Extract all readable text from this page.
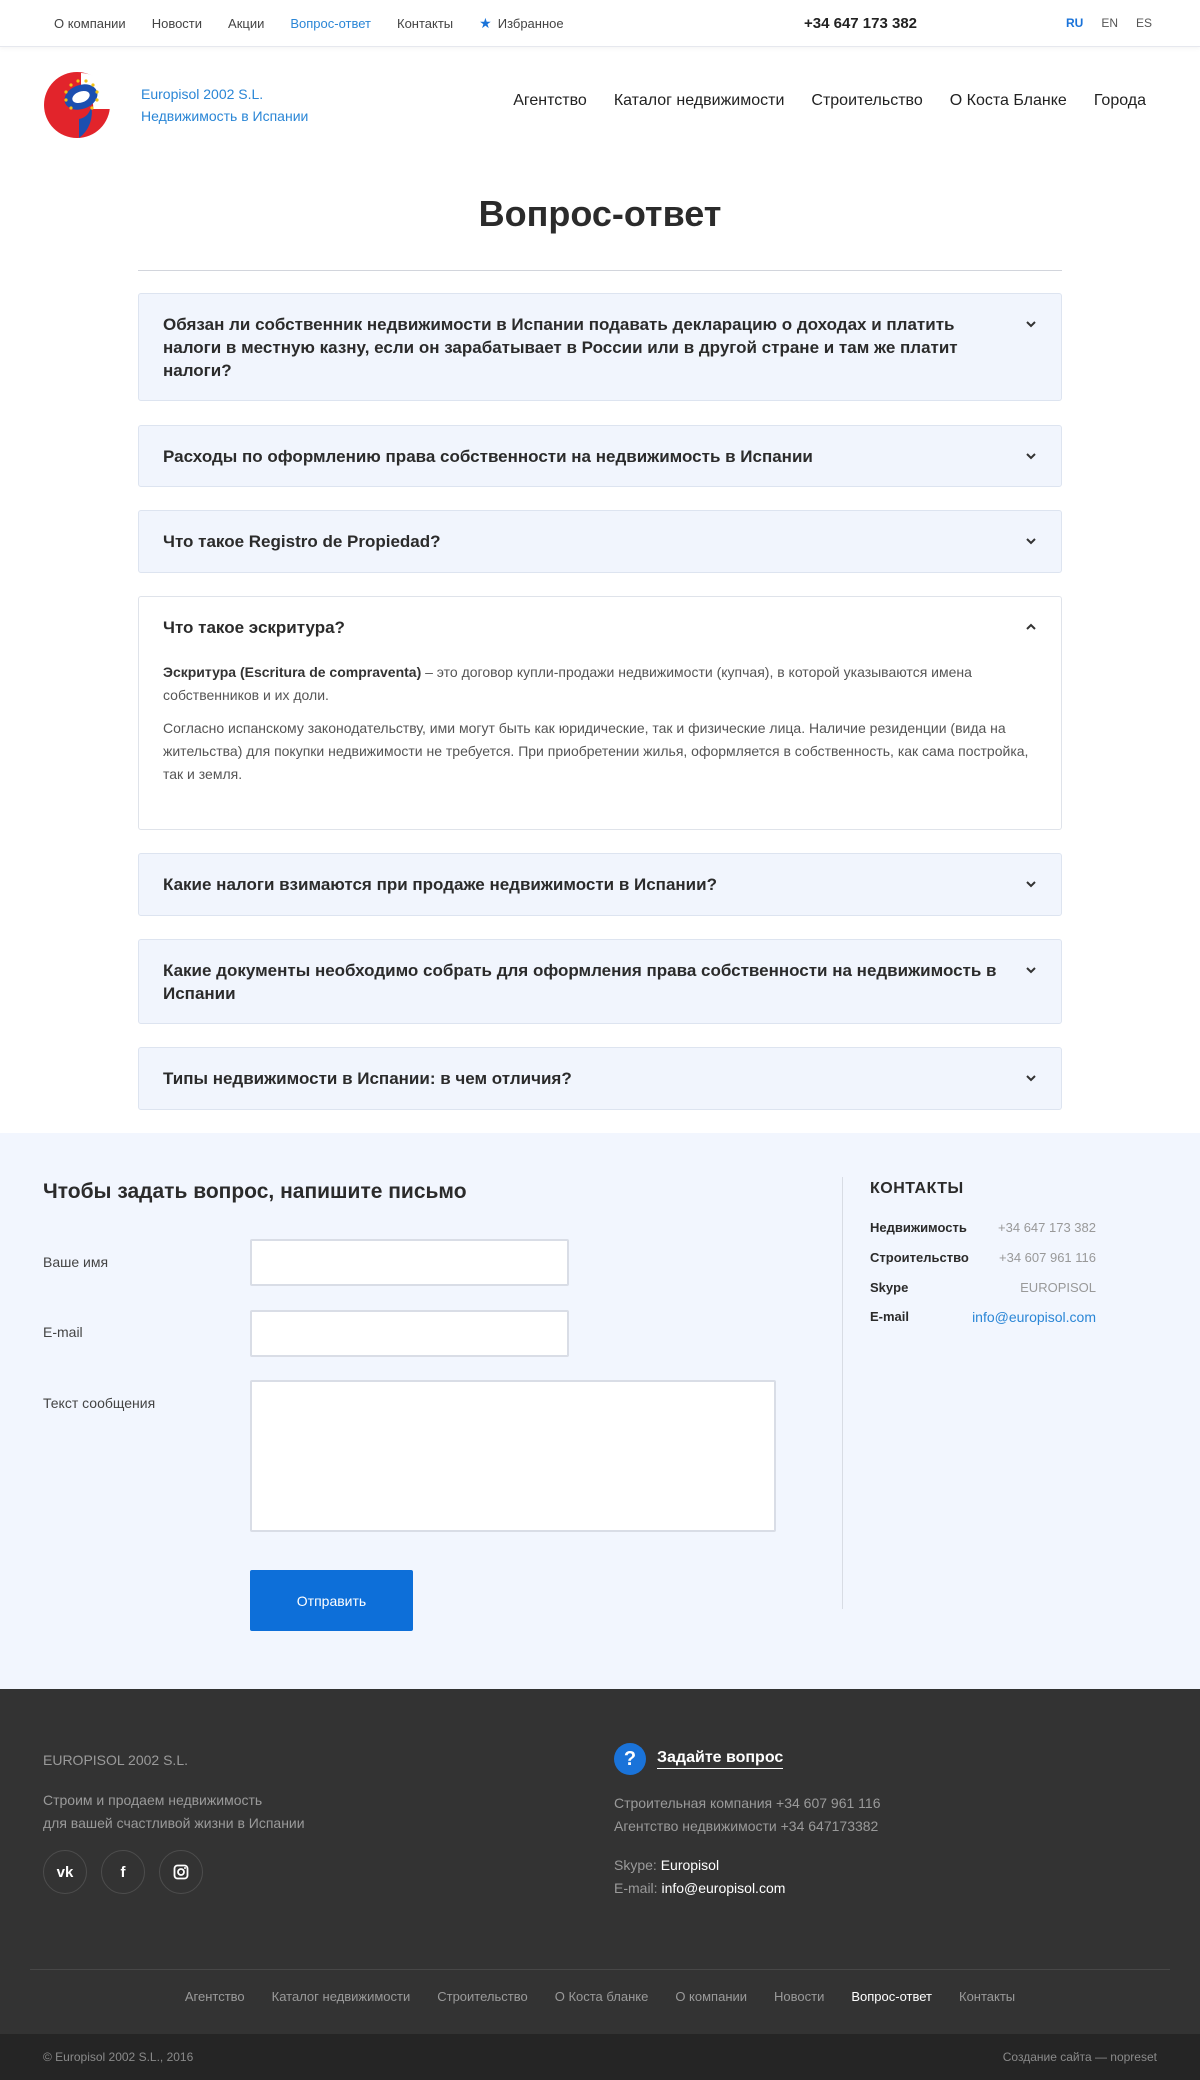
О компании Новости Акции Вопрос-ответ Контакты ★ Избранное	+34 647 173 382	RU EN ES
Europisol 2002 S.L.
Недвижимость в Испании
Агентство Каталог недвижимости Строительство О Коста Бланке Города
Вопрос-ответ
Обязан ли собственник недвижимости в Испании подавать декларацию о доходах и платить налоги в местную казну, если он зарабатывает в России или в другой стране и там же платит налоги?
Расходы по оформлению права собственности на недвижимость в Испании
Что такое Registro de Propiedad?
Что такое эскритура?

Эскритура (Escritura de compraventa) – это договор купли-продажи недвижимости (купчая), в которой указываются имена собственников и их доли.

Согласно испанскому законодательству, ими могут быть как юридические, так и физические лица. Наличие резиденции (вида на жительства) для покупки недвижимости не требуется. При приобретении жилья, оформляется в собственность, как сама постройка, так и земля.

Какие налоги взимаются при продаже недвижимости в Испании?
Какие документы необходимо собрать для оформления права собственности на недвижимость в Испании
Типы недвижимости в Испании: в чем отличия?
Чтобы задать вопрос, напишите письмо
Ваше имя
E-mail
Текст сообщения
Отправить
КОНТАКТЫ
Недвижимость +34 647 173 382
Строительство +34 607 961 116
Skype	EUROPISOL
E-mail	info@europisol.com
EUROPISOL 2002 S.L.
Строим и продаем недвижимость
для вашей счастливой жизни в Испании
vk	f
?	Задайте вопрос
Строительная компания +34 607 961 116
Агентство недвижимости +34 647173382
Skype: Europisol
E-mail: info@europisol.com
Агентство Каталог недвижимости Строительство О Коста бланке О компании Новости Вопрос-ответ Контакты
© Europisol 2002 S.L., 2016	Создание сайта — nopreset
